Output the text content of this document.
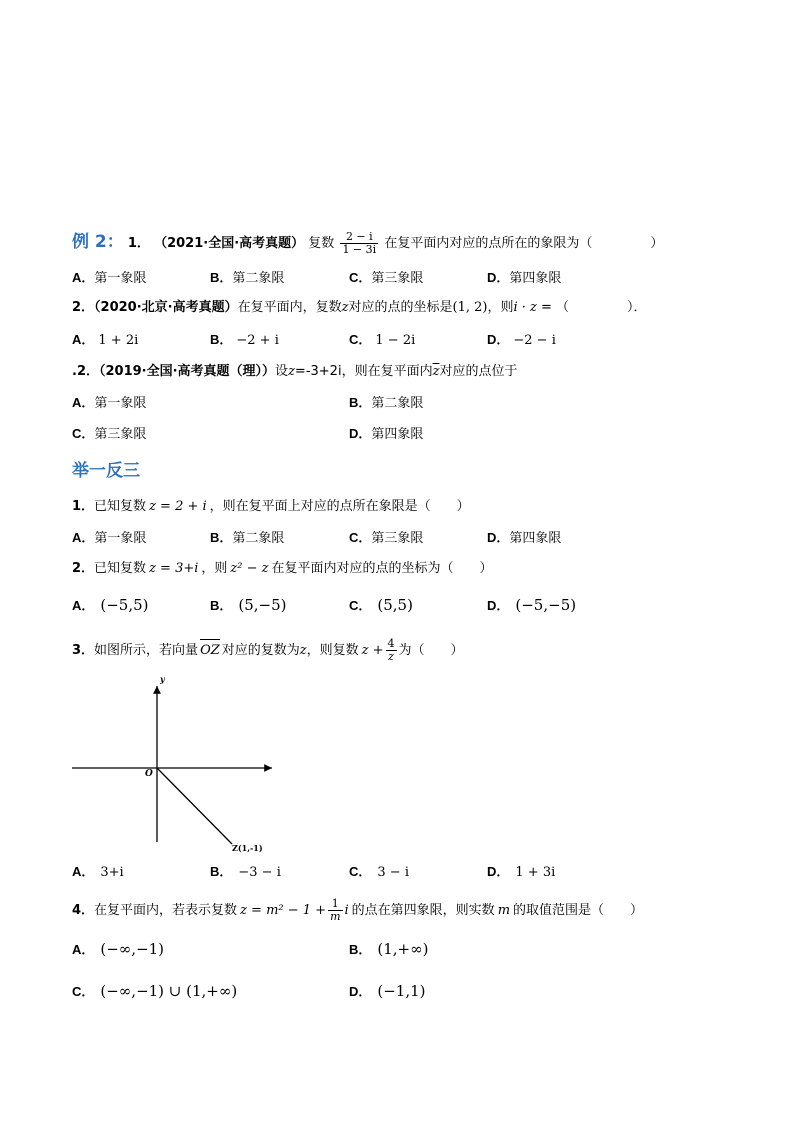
例 2： 1． （2021·全国·高考真题） 复数 $\frac{2 - i}{1 - 3i}$ 在复平面内对应的点所在的象限为（	）
A．第一象限	B．第二象限	C．第三象限	D．第四象限
2．（2020·北京·高考真题）在复平面内，复数z对应的点的坐标是(1, 2)，则i · z = （	）．
A． 1 + 2i	B． −2 + i	C． 1 − 2i	D． −2 − i
.2．（2019·全国·高考真题（理））设z=-3+2i，则在复平面内$\overline{z}$对应的点位于
A．第一象限	B．第二象限
C．第三象限	D．第四象限
举一反三
1．已知复数 z = 2 + i ，则在复平面上对应的点所在象限是（ ）
A．第一象限	B．第二象限	C．第三象限	D．第四象限
2．已知复数 z = 3+i ，则 z² − z 在复平面内对应的点的坐标为（ ）
A． (−5,5)	B． (5,−5)	C． (5,5)	D． (−5,−5)
3．如图所示，若向量 OZ 对应的复数为z，则复数 $z + \frac{4}{z}$ 为（ ）
y
O
Z(1,-1)
A． 3+i	B． −3 − i	C． 3 − i	D． 1 + 3i
4．在复平面内，若表示复数 $z = m^2 - 1 + \frac{1}{m}$ i 的点在第四象限，则实数 m 的取值范围是（ ）
A． (−∞,−1)	B． (1,+∞)
C． (−∞,−1) ∪ (1,+∞)	D． (−1,1)
